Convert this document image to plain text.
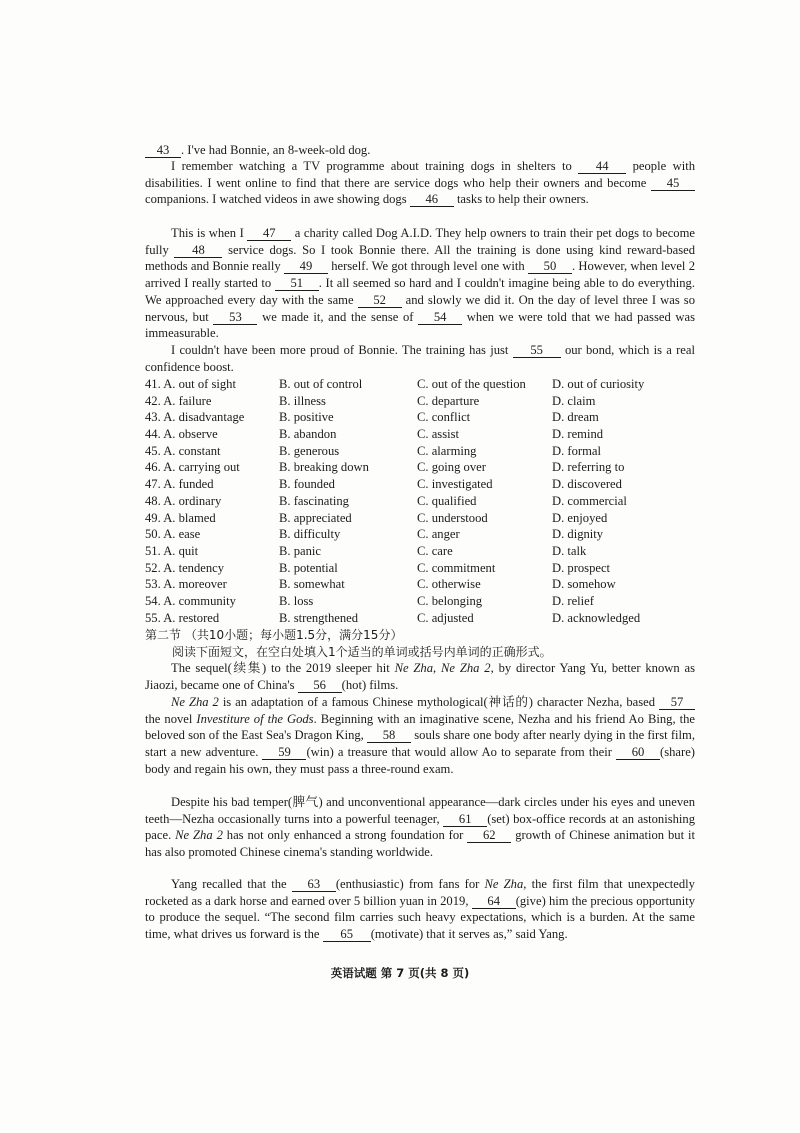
43 . I've had Bonnie, an 8-week-old dog.

I remember watching a TV programme about training dogs in shelters to 44 people with disabilities. I went online to find that there are service dogs who help their owners and become 45 companions. I watched videos in awe showing dogs 46 tasks to help their owners.

This is when I 47 a charity called Dog A.I.D. They help owners to train their pet dogs to become fully 48 service dogs. So I took Bonnie there. All the training is done using kind reward-based methods and Bonnie really 49 herself. We got through level one with 50 . However, when level 2 arrived I really started to 51 . It all seemed so hard and I couldn't imagine being able to do everything. We approached every day with the same 52 and slowly we did it. On the day of level three I was so nervous, but 53 we made it, and the sense of 54 when we were told that we had passed was immeasurable.

I couldn't have been more proud of Bonnie. The training has just 55 our bond, which is a real confidence boost.

41. A. out of sight	B. out of control	C. out of the question D. out of curiosity
42. A. failure	B. illness	C. departure	D. claim
43. A. disadvantage	B. positive	C. conflict	D. dream
44. A. observe	B. abandon	C. assist	D. remind
45. A. constant	B. generous	C. alarming	D. formal
46. A. carrying out	B. breaking down	C. going over	D. referring to
47. A. funded	B. founded	C. investigated	D. discovered
48. A. ordinary	B. fascinating	C. qualified	D. commercial
49. A. blamed	B. appreciated	C. understood	D. enjoyed
50. A. ease	B. difficulty	C. anger	D. dignity
51. A. quit	B. panic	C. care	D. talk
52. A. tendency	B. potential	C. commitment	D. prospect
53. A. moreover	B. somewhat	C. otherwise	D. somehow
54. A. community	B. loss	C. belonging	D. relief
55. A. restored	B. strengthened	C. adjusted	D. acknowledged
第二节 （共10小题；每小题1.5分，满分15分）
阅读下面短文，在空白处填入1个适当的单词或括号内单词的正确形式。

The sequel(续集) to the 2019 sleeper hit Ne Zha, Ne Zha 2, by director Yang Yu, better known as Jiaozi, became one of China's 56 (hot) films.

Ne Zha 2 is an adaptation of a famous Chinese mythological(神话的) character Nezha, based 57 the novel Investiture of the Gods. Beginning with an imaginative scene, Nezha and his friend Ao Bing, the beloved son of the East Sea's Dragon King, 58 souls share one body after nearly dying in the first film, start a new adventure. 59 (win) a treasure that would allow Ao to separate from their 60 (share) body and regain his own, they must pass a three-round exam.

Despite his bad temper(脾气) and unconventional appearance—dark circles under his eyes and uneven teeth—Nezha occasionally turns into a powerful teenager, 61 (set) box-office records at an astonishing pace. Ne Zha 2 has not only enhanced a strong foundation for 62 growth of Chinese animation but it has also promoted Chinese cinema's standing worldwide.

Yang recalled that the 63 (enthusiastic) from fans for Ne Zha, the first film that unexpectedly rocketed as a dark horse and earned over 5 billion yuan in 2019, 64 (give) him the precious opportunity to produce the sequel. “The second film carries such heavy expectations, which is a burden. At the same time, what drives us forward is the 65 (motivate) that it serves as,” said Yang.

英语试题 第 7 页(共 8 页)
